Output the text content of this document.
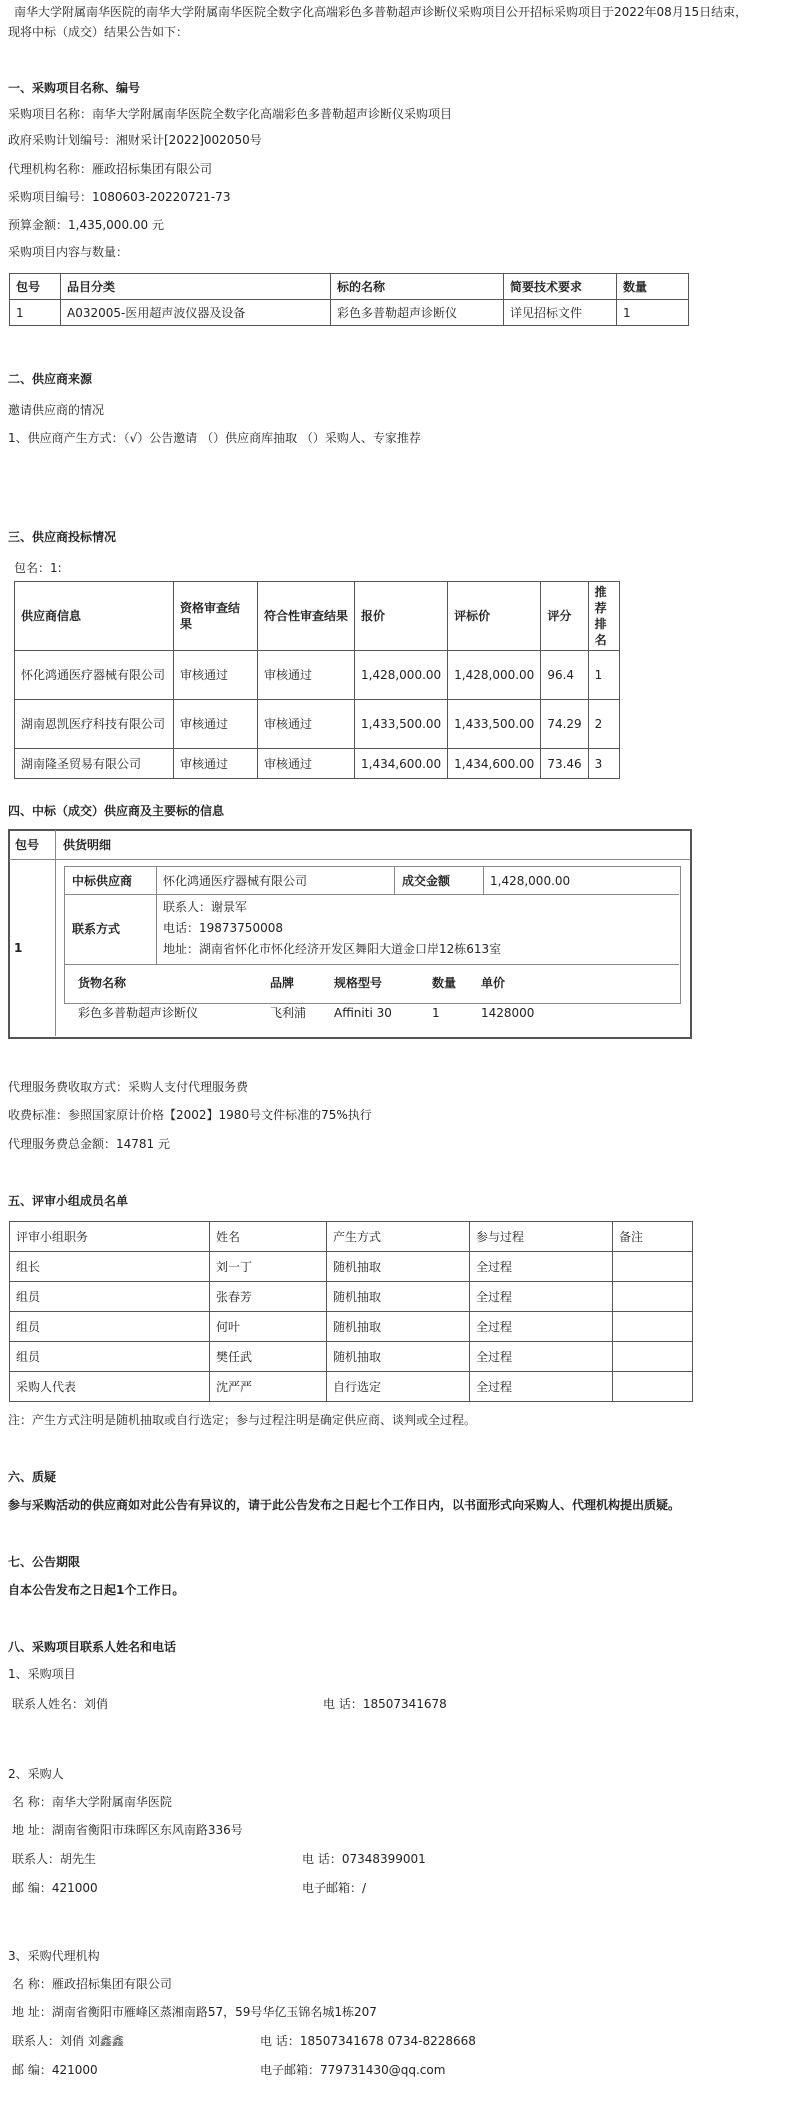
南华大学附属南华医院的南华大学附属南华医院全数字化高端彩色多普勒超声诊断仪采购项目公开招标采购项目于2022年08月15日结束，
现将中标（成交）结果公告如下：
一、采购项目名称、编号
采购项目名称：南华大学附属南华医院全数字化高端彩色多普勒超声诊断仪采购项目
政府采购计划编号：湘财采计[2022]002050号
代理机构名称：雁政招标集团有限公司
采购项目编号：1080603-20220721-73
预算金额：1,435,000.00 元
采购项目内容与数量：
包号	品目分类	标的名称	简要技术要求	数量
1	A032005-医用超声波仪器及设备	彩色多普勒超声诊断仪	详见招标文件	1
二、供应商来源
邀请供应商的情况
1、供应商产生方式：（√）公告邀请 （）供应商库抽取 （）采购人、专家推荐
三、供应商投标情况
包名：1:
供应商信息	资格审查结果	符合性审查结果	报价	评标价	评分	推荐排名
怀化鸿通医疗器械有限公司	审核通过	审核通过	1,428,000.00	1,428,000.00	96.4	1
湖南恩凯医疗科技有限公司	审核通过	审核通过	1,433,500.00	1,433,500.00	74.29	2
湖南隆圣贸易有限公司	审核通过	审核通过	1,434,600.00	1,434,600.00	73.46	3
四、中标（成交）供应商及主要标的信息
包号 供货明细
1
中标供应商	怀化鸿通医疗器械有限公司	成交金额	1,428,000.00
联系方式
联系人：谢景军
电话：19873750008
地址：湖南省怀化市怀化经济开发区舞阳大道金口岸12栋613室
货物名称	品牌	规格型号	数量 单价
彩色多普勒超声诊断仪	飞利浦 Affiniti 30	1	1428000
代理服务费收取方式：采购人支付代理服务费
收费标准：参照国家原计价格【2002】1980号文件标准的75%执行
代理服务费总金额：14781 元
五、评审小组成员名单
评审小组职务	姓名	产生方式	参与过程	备注
组长	刘一丁	随机抽取	全过程	
组员	张春芳	随机抽取	全过程	
组员	何叶	随机抽取	全过程	
组员	樊任武	随机抽取	全过程	
采购人代表	沈严严	自行选定	全过程	
注：产生方式注明是随机抽取或自行选定；参与过程注明是确定供应商、谈判或全过程。
六、质疑
参与采购活动的供应商如对此公告有异议的，请于此公告发布之日起七个工作日内，以书面形式向采购人、代理机构提出质疑。
七、公告期限
自本公告发布之日起1个工作日。
八、采购项目联系人姓名和电话
1、采购项目
联系人姓名：刘俏	电 话：18507341678
2、采购人
名 称：南华大学附属南华医院
地 址：湖南省衡阳市珠晖区东风南路336号
联系人：胡先生	电 话：07348399001
邮 编：421000	电子邮箱：/
3、采购代理机构
名 称：雁政招标集团有限公司
地 址：湖南省衡阳市雁峰区蒸湘南路57，59号华亿玉锦名城1栋207
联系人：刘俏 刘鑫鑫	电 话：18507341678 0734-8228668
邮 编：421000	电子邮箱：779731430@qq.com
